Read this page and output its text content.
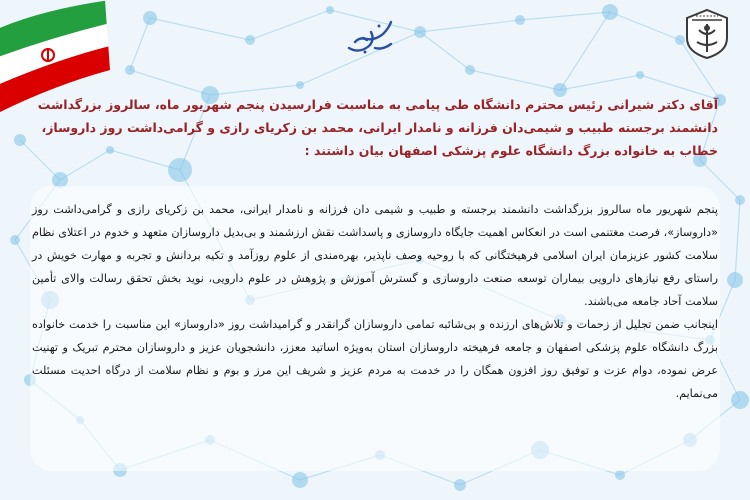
آقای دکتر شیرانی رئیس محترم دانشگاه طی پیامی به مناسبت فرارسیدن پنجم شهریور ماه، سالروز بزرگداشت دانشمند برجسته طبیب و شیمی‌دان فرزانه و نامدار ایرانی، محمد بن زکریای رازی و گرامی‌داشت روز داروساز، خطاب به خانواده بزرگ دانشگاه علوم پزشکی اصفهان بیان داشتند :

پنجم شهریور ماه سالروز بزرگداشت دانشمند برجسته و طبیب و شیمی دان فرزانه و نامدار ایرانی، محمد بن زکریای رازی و گرامی‌داشت روز «داروساز»، فرصت مغتنمی است در انعکاس اهمیت جایگاه داروسازی و پاسداشت نقش ارزشمند و بی‌بدیل داروسازان متعهد و خدوم در اعتلای نظام سلامت کشور عزیزمان ایران اسلامی فرهیختگانی که با روحیه وصف ناپذیر، بهره‌مندی از علوم روزآمد و تکیه بردانش و تجربه و مهارت خویش در راستای رفع نیازهای دارویی بیماران توسعه صنعت داروسازی و گسترش آموزش و پژوهش در علوم دارویی، نوید بخش تحقق رسالت والای تأمین سلامت آحاد جامعه می‌باشند.

اینجانب ضمن تجلیل از زحمات و تلاش‌های ارزنده و بی‌شائبه تمامی داروسازان گرانقدر و گرامیداشت روز «داروساز» این مناسبت را خدمت خانواده بزرگ دانشگاه علوم پزشکی اصفهان و جامعه فرهیخته داروسازان استان به‌ویژه اساتید معزز، دانشجویان عزیز و داروسازان محترم تبریک و تهنیت عرض نموده، دوام عزت و توفیق روز افزون همگان را در خدمت به مردم عزیز و شریف این مرز و بوم و نظام سلامت از درگاه احدیت مسئلت می‌نمایم.
